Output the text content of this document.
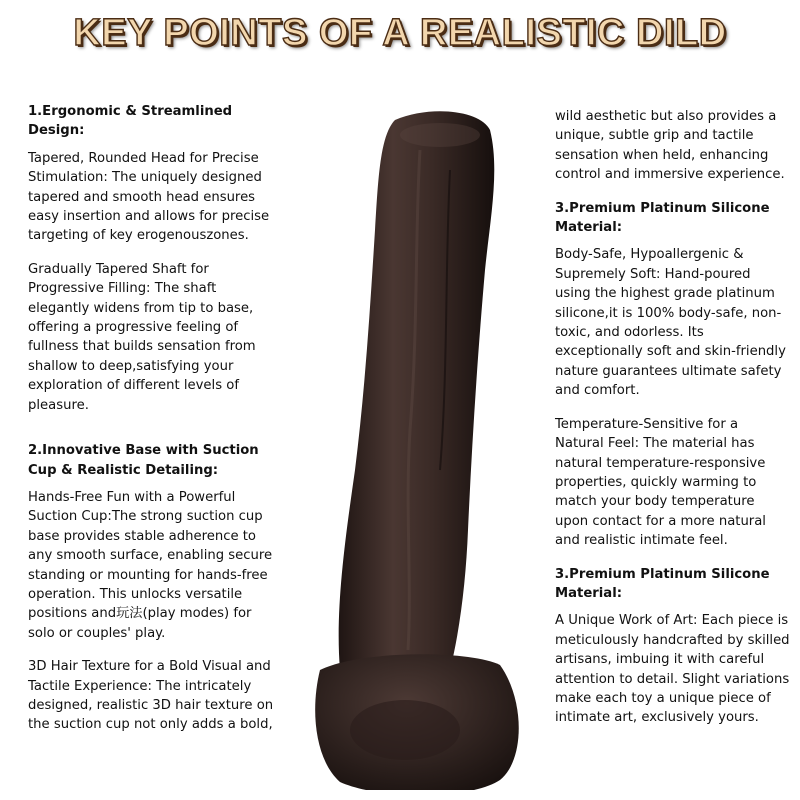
KEY POINTS OF A REALISTIC DILD
1.Ergonomic & Streamlined Design:
Tapered, Rounded Head for Precise Stimulation: The uniquely designed tapered and smooth head ensures easy insertion and allows for precise targeting of key erogenouszones.
Gradually Tapered Shaft for Progressive Filling: The shaft elegantly widens from tip to base, offering a progressive feeling of fullness that builds sensation from shallow to deep,satisfying your exploration of different levels of pleasure.
2.Innovative Base with Suction Cup & Realistic Detailing:
Hands-Free Fun with a Powerful Suction Cup:The strong suction cup base provides stable adherence to any smooth surface, enabling secure standing or mounting for hands-free operation. This unlocks versatile positions and玩法(play modes) for solo or couples' play.
3D Hair Texture for a Bold Visual and Tactile Experience: The intricately designed, realistic 3D hair texture on the suction cup not only adds a bold,
wild aesthetic but also provides a unique, subtle grip and tactile sensation when held, enhancing control and immersive experience.
3.Premium Platinum Silicone Material:
Body-Safe, Hypoallergenic & Supremely Soft: Hand-poured using the highest grade platinum silicone,it is 100% body-safe, non-toxic, and odorless. Its exceptionally soft and skin-friendly nature guarantees ultimate safety and comfort.
Temperature-Sensitive for a Natural Feel: The material has natural temperature-responsive properties, quickly warming to match your body temperature upon contact for a more natural and realistic intimate feel.
3.Premium Platinum Silicone Material:
A Unique Work of Art: Each piece is meticulously handcrafted by skilled artisans, imbuing it with careful attention to detail. Slight variations make each toy a unique piece of intimate art, exclusively yours.
